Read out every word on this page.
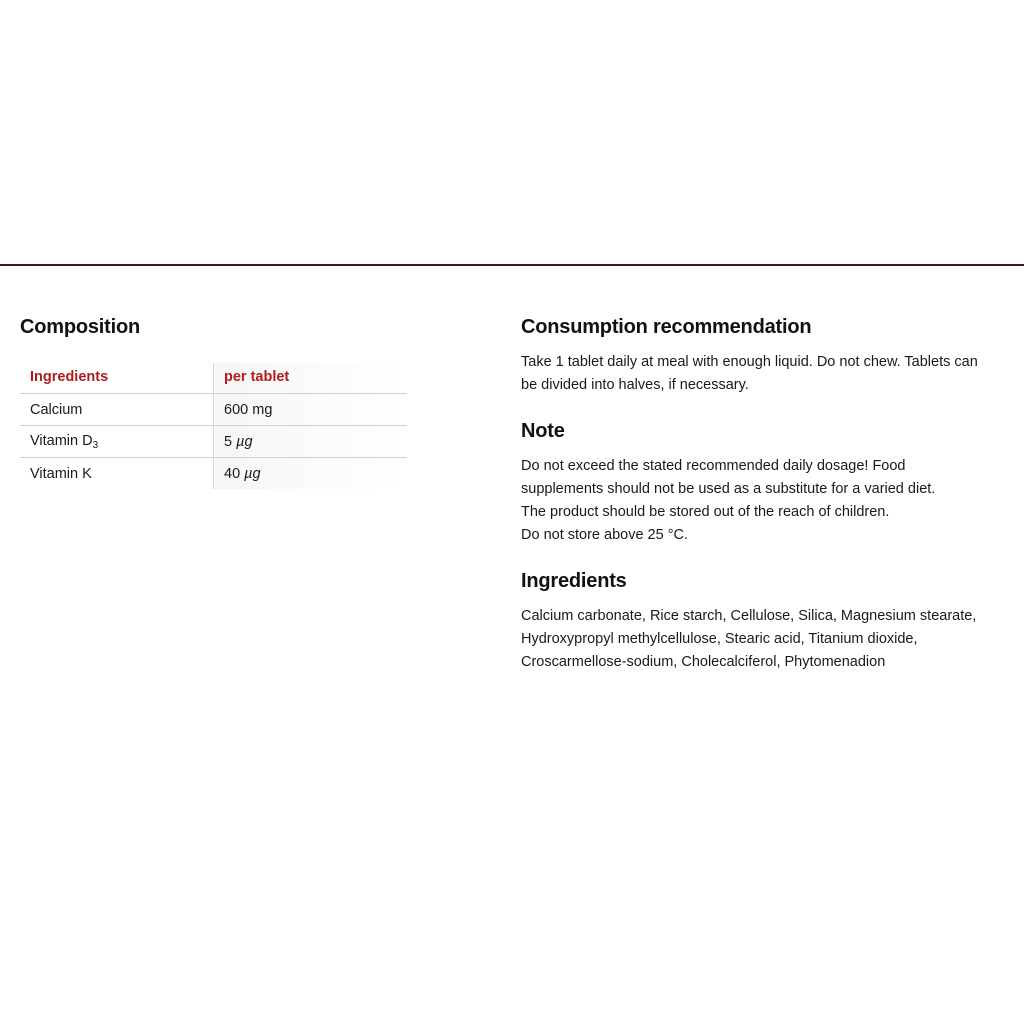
Composition
Ingredients	per tablet
Calcium	600 mg
Vitamin $D_3$	5 µg
Vitamin K	40 µg
Consumption recommendation
Take 1 tablet daily at meal with enough liquid. Do not chew. Tablets can
be divided into halves, if necessary.
Note
Do not exceed the stated recommended daily dosage! Food
supplements should not be used as a substitute for a varied diet.
The product should be stored out of the reach of children.
Do not store above 25 °C.
Ingredients
Calcium carbonate, Rice starch, Cellulose, Silica, Magnesium stearate,
Hydroxypropyl methylcellulose, Stearic acid, Titanium dioxide,
Croscarmellose-sodium, Cholecalciferol, Phytomenadion
